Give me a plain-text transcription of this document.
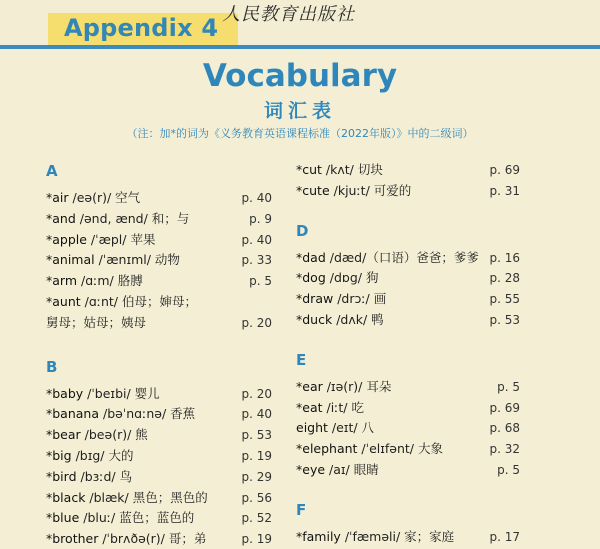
Appendix 4 人民教育出版社
Vocabulary
词汇表
（注：加*的词为《义务教育英语课程标准（2022年版）》中的二级词）
A
*air /eə(r)/ 空气	p. 40
*and /ənd, ænd/ 和；与	p. 9
*apple /ˈæpl/ 苹果	p. 40
*animal /ˈænɪml/ 动物	p. 33
*arm /ɑːm/ 胳膊	p. 5
*aunt /ɑːnt/ 伯母；婶母；
舅母；姑母；姨母	p. 20
B
*baby /ˈbeɪbi/ 婴儿	p. 20
*banana /bəˈnɑːnə/ 香蕉	p. 40
*bear /beə(r)/ 熊	p. 53
*big /bɪg/ 大的	p. 19
*bird /bɜːd/ 鸟	p. 29
*black /blæk/ 黑色；黑色的	p. 56
*blue /bluː/ 蓝色；蓝色的	p. 52
*brother /ˈbrʌðə(r)/ 哥；弟	p. 19
*cut /kʌt/ 切块	p. 69
*cute /kjuːt/ 可爱的	p. 31
D
*dad /dæd/（口语）爸爸；爹爹 p. 16
*dog /dɒg/ 狗	p. 28
*draw /drɔː/ 画	p. 55
*duck /dʌk/ 鸭	p. 53
E
*ear /ɪə(r)/ 耳朵	p. 5
*eat /iːt/ 吃	p. 69
eight /eɪt/ 八	p. 68
*elephant /ˈelɪfənt/ 大象	p. 32
*eye /aɪ/ 眼睛	p. 5
F
*family /ˈfæməli/ 家；家庭	p. 17
